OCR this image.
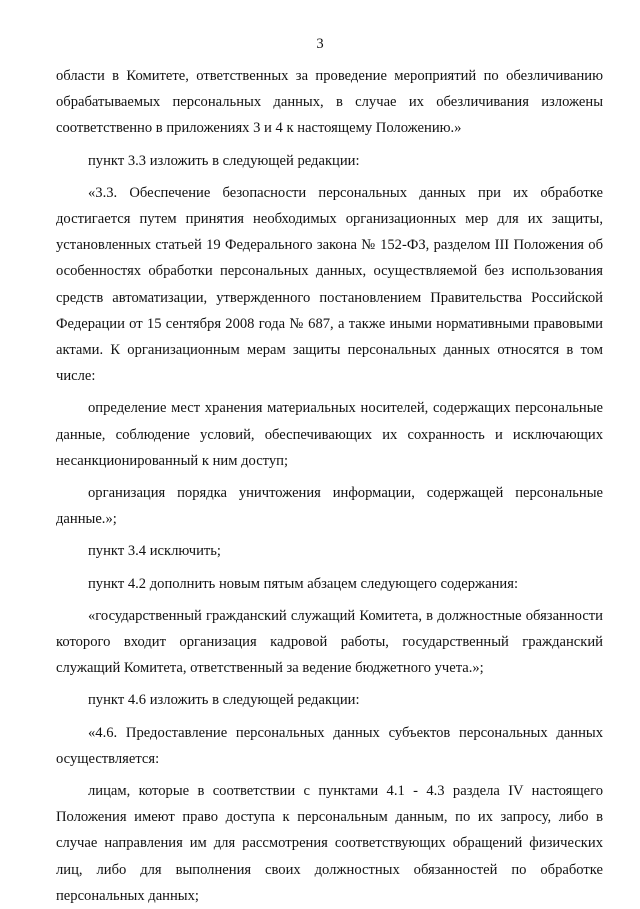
3

области в Комитете, ответственных за проведение мероприятий по обезличиванию обрабатываемых персональных данных, в случае их обезличивания изложены соответственно в приложениях 3 и 4 к настоящему Положению.»

пункт 3.3 изложить в следующей редакции:

«3.3. Обеспечение безопасности персональных данных при их обработке достигается путем принятия необходимых организационных мер для их защиты, установленных статьей 19 Федерального закона № 152-ФЗ, разделом III Положения об особенностях обработки персональных данных, осуществляемой без использования средств автоматизации, утвержденного постановлением Правительства Российской Федерации от 15 сентября 2008 года № 687, а также иными нормативными правовыми актами. К организационным мерам защиты персональных данных относятся в том числе:

определение мест хранения материальных носителей, содержащих персональные данные, соблюдение условий, обеспечивающих их сохранность и исключающих несанкционированный к ним доступ;

организация порядка уничтожения информации, содержащей персональные данные.»;

пункт 3.4 исключить;

пункт 4.2 дополнить новым пятым абзацем следующего содержания:

«государственный гражданский служащий Комитета, в должностные обязанности которого входит организация кадровой работы, государственный гражданский служащий Комитета, ответственный за ведение бюджетного учета.»;

пункт 4.6 изложить в следующей редакции:

«4.6. Предоставление персональных данных субъектов персональных данных осуществляется:

лицам, которые в соответствии с пунктами 4.1 - 4.3 раздела IV настоящего Положения имеют право доступа к персональным данным, по их запросу, либо в случае направления им для рассмотрения соответствующих обращений физических лиц, либо для выполнения своих должностных обязанностей по обработке персональных данных;
